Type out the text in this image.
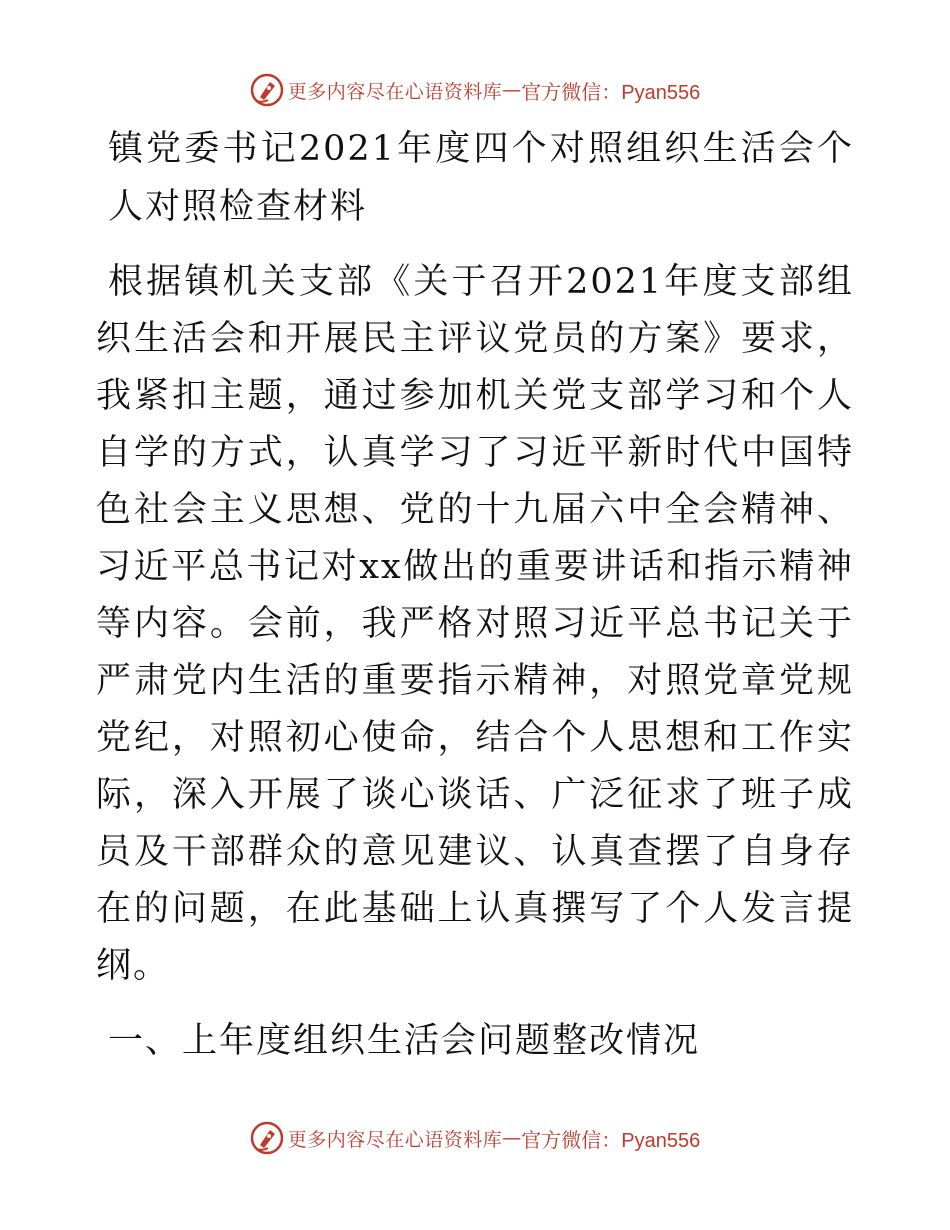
更多内容尽在心语资料库 — 官方微信：Pyan556
镇党委书记2021年度四个对照组织生活会个人对照检查材料

根据镇机关支部《关于召开2021年度支部组织生活会和开展民主评议党员的方案》要求，我紧扣主题，通过参加机关党支部学习和个人自学的方式，认真学习了习近平新时代中国特色社会主义思想、党的十九届六中全会精神、习近平总书记对xx做出的重要讲话和指示精神等内容。会前，我严格对照习近平总书记关于严肃党内生活的重要指示精神，对照党章党规党纪，对照初心使命，结合个人思想和工作实际，深入开展了谈心谈话、广泛征求了班子成员及干部群众的意见建议、认真查摆了自身存在的问题，在此基础上认真撰写了个人发言提纲。

一、上年度组织生活会问题整改情况
更多内容尽在心语资料库 — 官方微信：Pyan556
